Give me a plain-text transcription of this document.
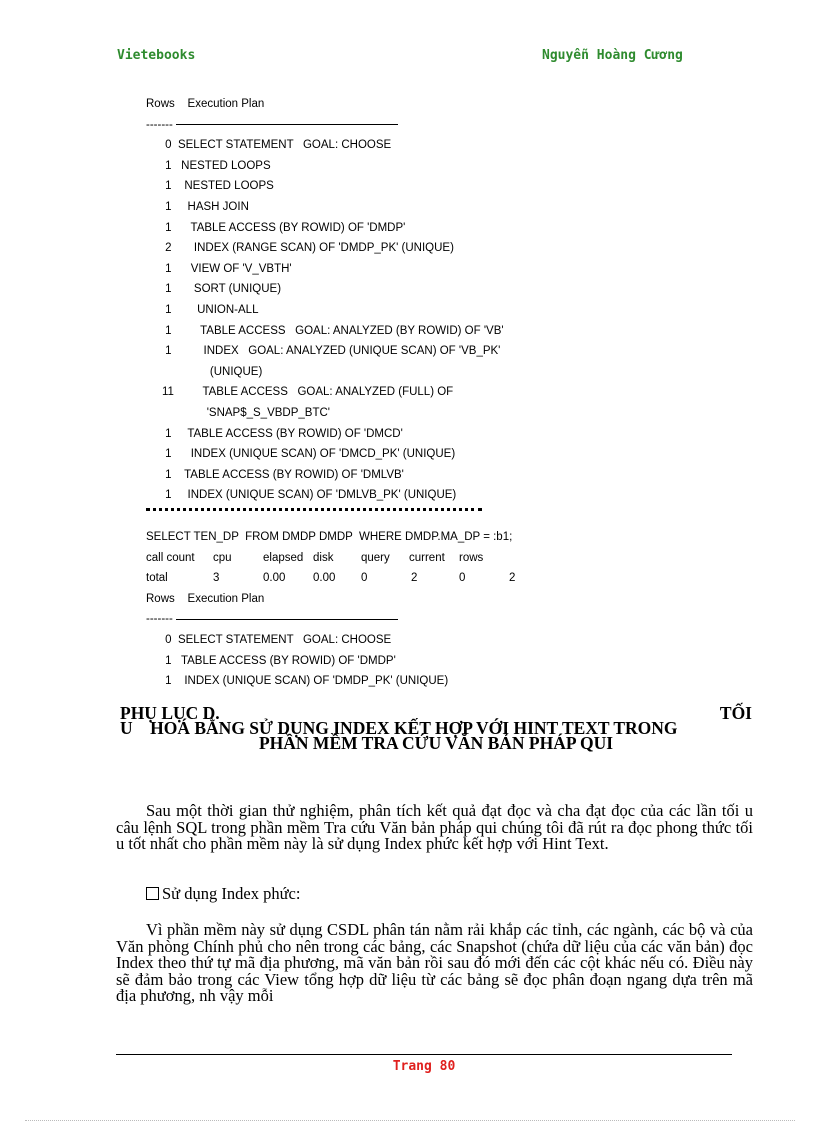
Vietebooks	Nguyễn Hoàng Cương
Rows    Execution Plan
-------
0  SELECT STATEMENT   GOAL: CHOOSE
1   NESTED LOOPS
1    NESTED LOOPS
1     HASH JOIN
1      TABLE ACCESS (BY ROWID) OF 'DMDP'
2       INDEX (RANGE SCAN) OF 'DMDP_PK' (UNIQUE)
1      VIEW OF 'V_VBTH'
1       SORT (UNIQUE)
1        UNION-ALL
1         TABLE ACCESS   GOAL: ANALYZED (BY ROWID) OF 'VB'
1          INDEX   GOAL: ANALYZED (UNIQUE SCAN) OF 'VB_PK'
(UNIQUE)
11         TABLE ACCESS   GOAL: ANALYZED (FULL) OF
'SNAP$_S_VBDP_BTC'
1     TABLE ACCESS (BY ROWID) OF 'DMCD'
1      INDEX (UNIQUE SCAN) OF 'DMCD_PK' (UNIQUE)
1    TABLE ACCESS (BY ROWID) OF 'DMLVB'
1     INDEX (UNIQUE SCAN) OF 'DMLVB_PK' (UNIQUE)
SELECT TEN_DP  FROM DMDP DMDP  WHERE DMDP.MA_DP = :b1;
call count	cpu	elapsed disk	query	current	rows
total	3	0.00	0.00	0	2	0	2
Rows    Execution Plan
-------
0  SELECT STATEMENT   GOAL: CHOOSE
1   TABLE ACCESS (BY ROWID) OF 'DMDP'
1    INDEX (UNIQUE SCAN) OF 'DMDP_PK' (UNIQUE)
PHỤ LỤC D.	TỐI
U    HOÁ BẰNG SỬ DỤNG INDEX KẾT HỢP VỚI HINT TEXT TRONG
PHẦN MỀM TRA CỨU VĂN BẢN PHÁP QUI
Sau một thời gian thử nghiệm, phân tích kết quả đạt đọc và cha đạt đọc của các lần tối u câu lệnh SQL trong phần mềm Tra cứu Văn bản pháp qui chúng tôi đã rút ra đọc phong thức tối u tốt nhất cho phần mềm này là sử dụng Index phức kết hợp với Hint Text.
Sử dụng Index phức:
Vì phần mềm này sử dụng CSDL phân tán nằm rải khắp các tỉnh, các ngành, các bộ và của Văn phòng Chính phủ cho nên trong các bảng, các Snapshot (chứa dữ liệu của các văn bản) đọc Index theo thứ tự mã địa phương, mã văn bản rồi sau đó mới đến các cột khác nếu có. Điều này sẽ đảm bảo trong các View tổng hợp dữ liệu từ các bảng sẽ đọc phân đoạn ngang dựa trên mã địa phương, nh vậy mỗi
Trang 80
